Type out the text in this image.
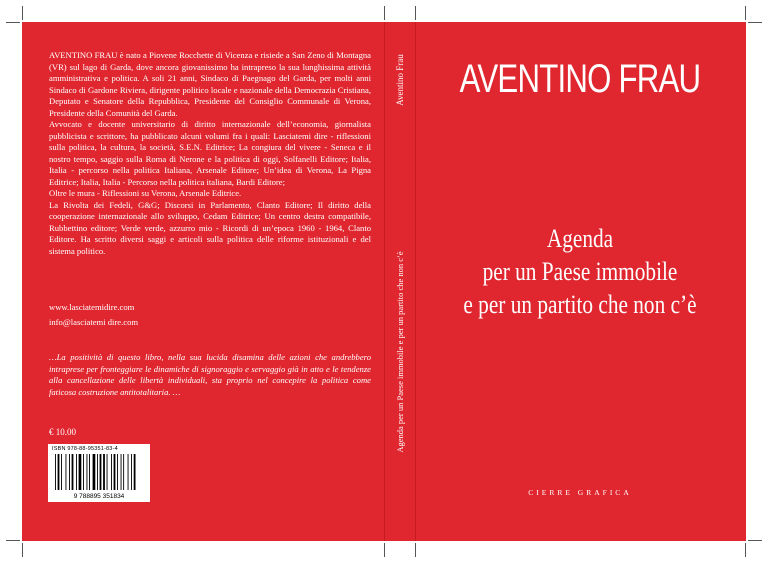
AVENTINO FRAU è nato a Piovene Rocchette di Vicenza e risiede a San Zeno di Montagna (VR) sul lago di Garda, dove ancora giovanissimo ha intrapreso la sua lunghissima attività amministrativa e politica. A soli 21 anni, Sindaco di Paegnago del Garda, per molti anni Sindaco di Gardone Riviera, dirigente politico locale e nazionale della Democrazia Cristiana, Deputato e Senatore della Repubblica, Presidente del Consiglio Communale di Verona, Presidente della Comunità del Garda.

Avvocato e docente universitario di diritto internazionale dell’economia, giornalista pubblicista e scrittore, ha pubblicato alcuni volumi fra i quali: Lasciatemi dire - riflessioni sulla politica, la cultura, la società, S.E.N. Editrice; La congiura del vivere - Seneca e il nostro tempo, saggio sulla Roma di Nerone e la politica di oggi, Solfanelli Editore; Italia, Italia - percorso nella politica Italiana, Arsenale Editore; Un’idea di Verona, La Pigna Editrice; Italia, Italia - Percorso nella politica italiana, Bardi Editore;

Oltre le mura - Riflessioni su Verona, Arsenale Editrice.

La Rivolta dei Fedeli, G&G; Discorsi in Parlamento, Clanto Editore; Il diritto della cooperazione internazionale allo sviluppo, Cedam Editrice; Un centro destra compatibile, Rubbettino editore; Verde verde, azzurro mio - Ricordi di un’epoca 1960 - 1964, Clanto Editore. Ha scritto diversi saggi e articoli sulla politica delle riforme istituzionali e del sistema politico.

www.lasciatemidire.com
info@lasciatemi dire.com
…La positività di questo libro, nella sua lucida disamina delle azioni che andrebbero intraprese per fronteggiare le dinamiche di signoraggio e servaggio già in atto e le tendenze alla cancellazione delle libertà individuali, sta proprio nel concepire la politica come faticosa costruzione antitotalitaria. …
€ 10.00
ISBN 978-88-95351-83-4
9 788895 351834
Aventino Frau
Agenda per un Paese immobile e per un partito che non c’è
AVENTINO FRAU
Agenda
per un Paese immobile
e per un partito che non c’è
CIERRE GRAFICA
